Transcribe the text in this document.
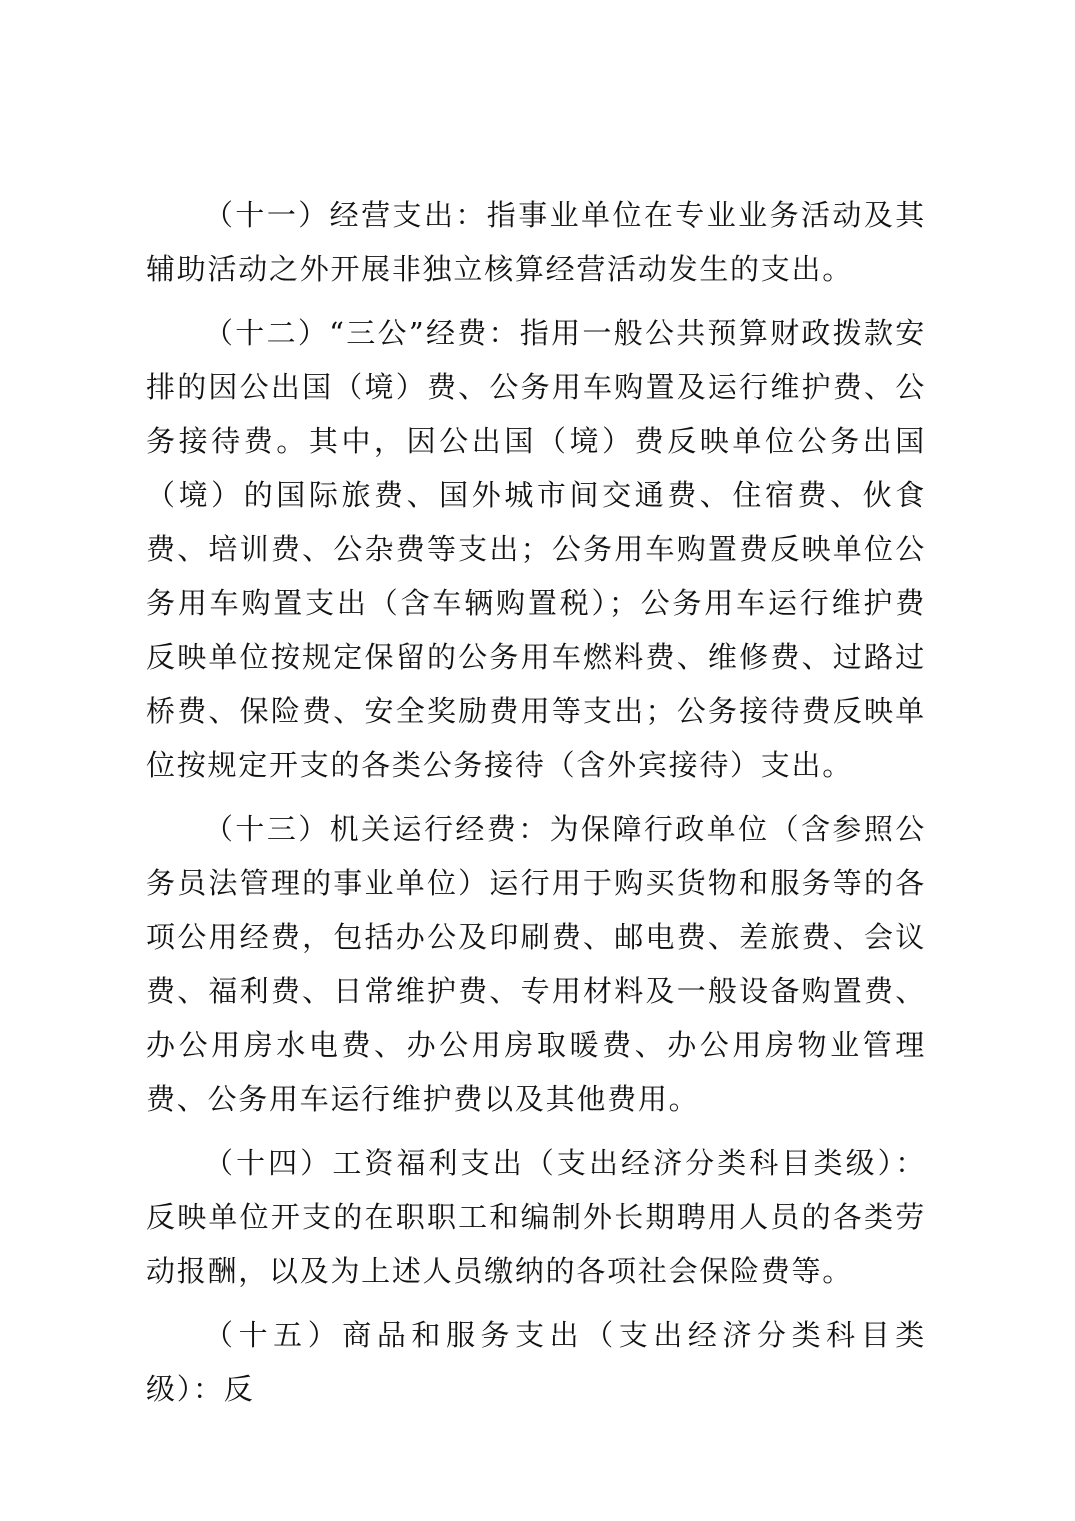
（十一）经营支出：指事业单位在专业业务活动及其辅助活动之外开展非独立核算经营活动发生的支出。

（十二）“三公”经费：指用一般公共预算财政拨款安排的因公出国（境）费、公务用车购置及运行维护费、公务接待费。其中，因公出国（境）费反映单位公务出国（境）的国际旅费、国外城市间交通费、住宿费、伙食费、培训费、公杂费等支出；公务用车购置费反映单位公务用车购置支出（含车辆购置税）；公务用车运行维护费反映单位按规定保留的公务用车燃料费、维修费、过路过桥费、保险费、安全奖励费用等支出；公务接待费反映单位按规定开支的各类公务接待（含外宾接待）支出。

（十三）机关运行经费：为保障行政单位（含参照公务员法管理的事业单位）运行用于购买货物和服务等的各项公用经费，包括办公及印刷费、邮电费、差旅费、会议费、福利费、日常维护费、专用材料及一般设备购置费、办公用房水电费、办公用房取暖费、办公用房物业管理费、公务用车运行维护费以及其他费用。

（十四）工资福利支出（支出经济分类科目类级）：反映单位开支的在职职工和编制外长期聘用人员的各类劳动报酬，以及为上述人员缴纳的各项社会保险费等。

（十五）商品和服务支出（支出经济分类科目类级）：反
